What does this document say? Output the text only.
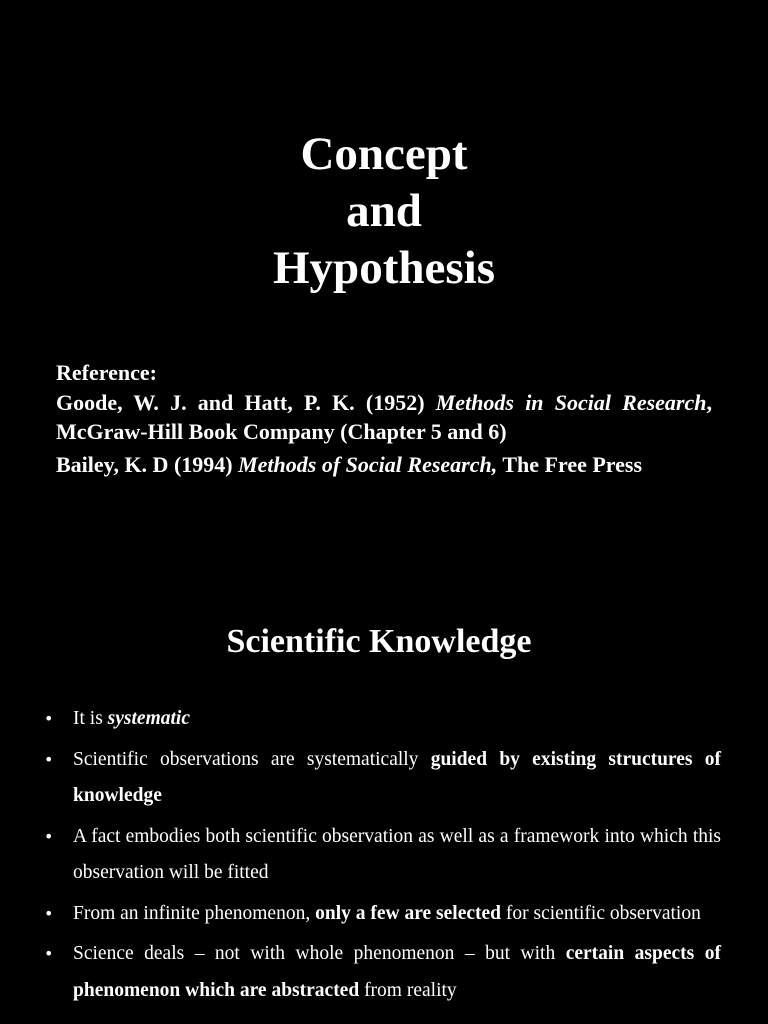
Concept
and
Hypothesis
Reference:
Goode, W. J. and Hatt, P. K. (1952) Methods in Social Research, McGraw-Hill Book Company (Chapter 5 and 6)
Bailey, K. D (1994) Methods of Social Research, The Free Press
Scientific Knowledge
• It is systematic
• Scientific observations are systematically guided by existing structures of knowledge
• A fact embodies both scientific observation as well as a framework into which this observation will be fitted
• From an infinite phenomenon, only a few are selected for scientific observation
• Science deals – not with whole phenomenon – but with certain aspects of phenomenon which are abstracted from reality
